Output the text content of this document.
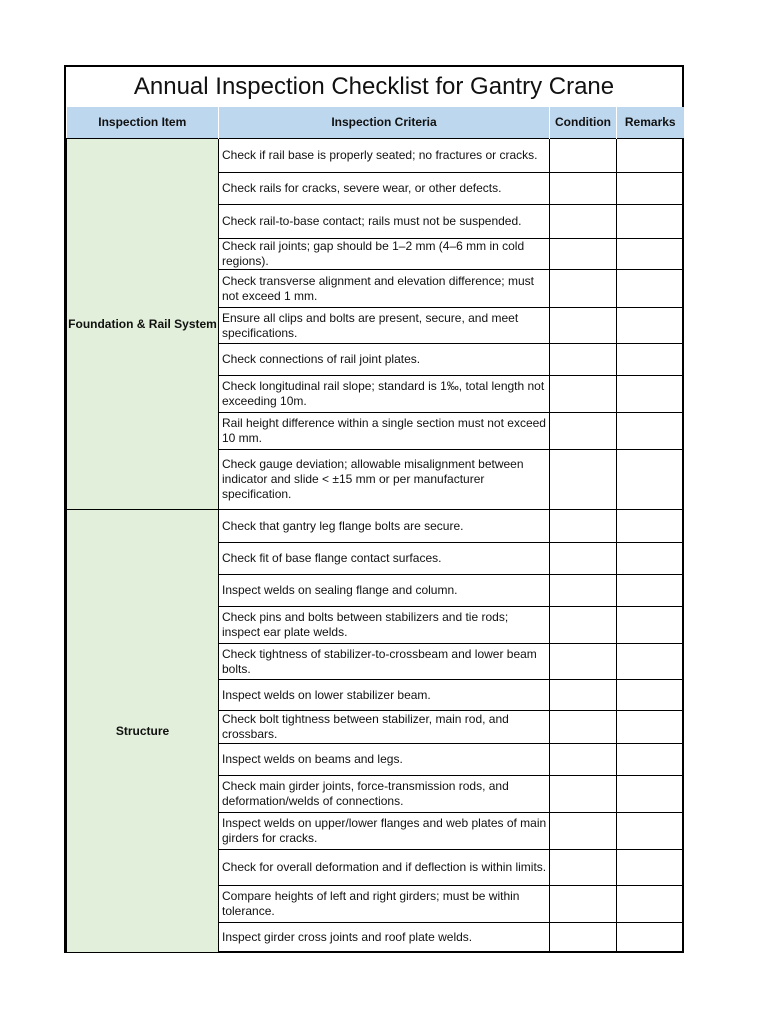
Annual Inspection Checklist for Gantry Crane
Inspection Item	Inspection Criteria	Condition	Remarks
Foundation & Rail System	Check if rail base is properly seated; no fractures or cracks.		
	Check rails for cracks, severe wear, or other defects.		
	Check rail-to-base contact; rails must not be suspended.		
	Check rail joints; gap should be 1–2 mm (4–6 mm in cold regions).		
	Check transverse alignment and elevation difference; must not exceed 1 mm.		
	Ensure all clips and bolts are present, secure, and meet specifications.		
	Check connections of rail joint plates.		
	Check longitudinal rail slope; standard is 1‰, total length not exceeding 10m.		
	Rail height difference within a single section must not exceed 10 mm.		
	Check gauge deviation; allowable misalignment between indicator and slide < ±15 mm or per manufacturer specification.		
Structure	Check that gantry leg flange bolts are secure.		
	Check fit of base flange contact surfaces.		
	Inspect welds on sealing flange and column.		
	Check pins and bolts between stabilizers and tie rods; inspect ear plate welds.		
	Check tightness of stabilizer-to-crossbeam and lower beam bolts.		
	Inspect welds on lower stabilizer beam.		
	Check bolt tightness between stabilizer, main rod, and crossbars.		
	Inspect welds on beams and legs.		
	Check main girder joints, force-transmission rods, and deformation/welds of connections.		
	Inspect welds on upper/lower flanges and web plates of main girders for cracks.		
	Check for overall deformation and if deflection is within limits.		
	Compare heights of left and right girders; must be within tolerance.		
	Inspect girder cross joints and roof plate welds.		
